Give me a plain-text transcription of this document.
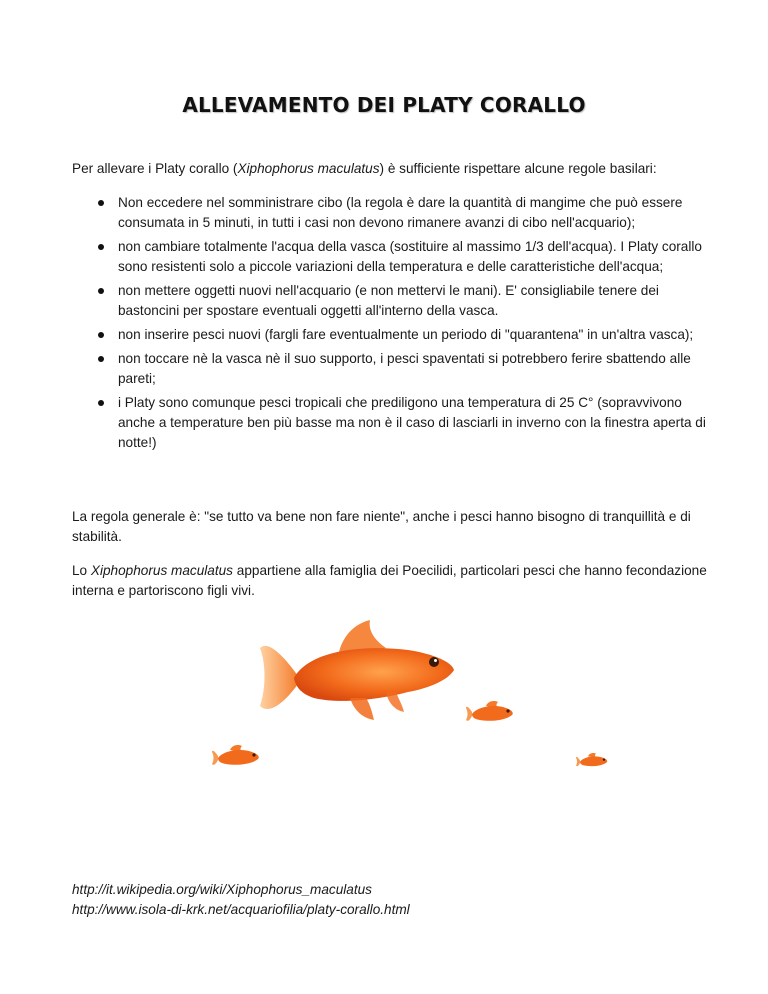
ALLEVAMENTO DEI PLATY CORALLO
Per allevare i Platy corallo (Xiphophorus maculatus) è sufficiente rispettare alcune regole basilari:
Non eccedere nel somministrare cibo (la regola è dare la quantità di mangime che può essere consumata in 5 minuti, in tutti i casi non devono rimanere avanzi di cibo nell'acquario);
non cambiare totalmente l'acqua della vasca (sostituire al massimo 1/3 dell'acqua). I Platy corallo sono resistenti solo a piccole variazioni della temperatura e delle caratteristiche dell'acqua;
non mettere oggetti nuovi nell'acquario (e non mettervi le mani). E' consigliabile tenere dei bastoncini per spostare eventuali oggetti all'interno della vasca.
non inserire pesci nuovi (fargli fare eventualmente un periodo di "quarantena" in un'altra vasca);
non toccare nè la vasca nè il suo supporto, i pesci spaventati si potrebbero ferire sbattendo alle pareti;
i Platy sono comunque pesci tropicali che prediligono una temperatura di 25 C° (sopravvivono anche a temperature ben più basse ma non è il caso di lasciarli in inverno con la finestra aperta di notte!)

La regola generale è: "se tutto va bene non fare niente", anche i pesci hanno bisogno di tranquillità e di stabilità.

Lo Xiphophorus maculatus appartiene alla famiglia dei Poecilidi, particolari pesci che hanno fecondazione interna e partoriscono figli vivi.

http://it.wikipedia.org/wiki/Xiphophorus_maculatus
http://www.isola-di-krk.net/acquariofilia/platy-corallo.html
